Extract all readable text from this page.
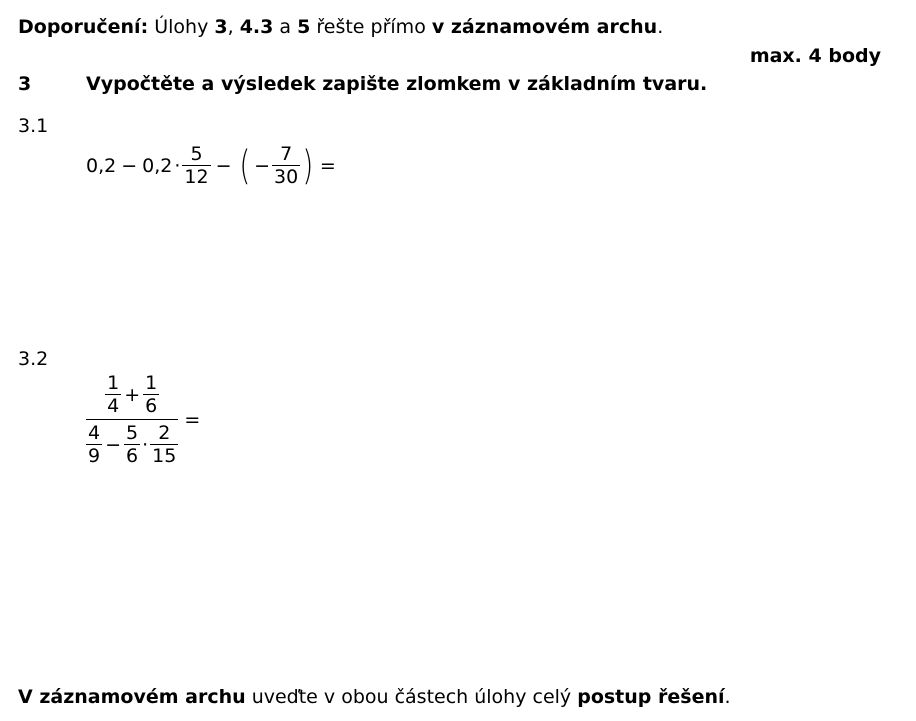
Doporučení: Úlohy 3, 4.3 a 5 řešte přímo v záznamovém archu.
max. 4 body
3	Vypočtěte a výsledek zapište zlomkem v základním tvaru.
3.1
$0,2 - 0,2 \cdot \frac{5}{12}$ − ( − $\frac{7}{30}$ ) =
3.2
$\frac{1}{4} + \frac{1}{6}$
$\frac{4}{9} - \frac{5}{6} \cdot \frac{2}{15}$
=
V záznamovém archu uveďte v obou částech úlohy celý postup řešení.
